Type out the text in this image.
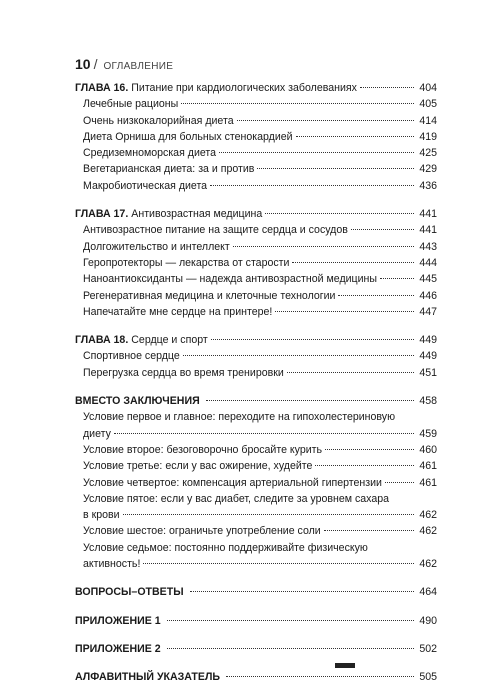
10 / ОГЛАВЛЕНИЕ
ГЛАВА 16. Питание при кардиологических заболеваниях	404
Лечебные рационы	405
Очень низкокалорийная диета	414
Диета Орниша для больных стенокардией	419
Средиземноморская диета	425
Вегетарианская диета: за и против	429
Макробиотическая диета	436
ГЛАВА 17. Антивозрастная медицина	441
Антивозрастное питание на защите сердца и сосудов	441
Долгожительство и интеллект	443
Геропротекторы — лекарства от старости	444
Наноантиоксиданты — надежда антивозрастной медицины	445
Регенеративная медицина и клеточные технологии	446
Напечатайте мне сердце на принтере!	447
ГЛАВА 18. Сердце и спорт	449
Спортивное сердце	449
Перегрузка сердца во время тренировки	451
ВМЕСТО ЗАКЛЮЧЕНИЯ	458
Условие первое и главное: переходите на гипохолестериновую
диету	459
Условие второе: безоговорочно бросайте курить	460
Условие третье: если у вас ожирение, худейте	461
Условие четвертое: компенсация артериальной гипертензии	461
Условие пятое: если у вас диабет, следите за уровнем сахара
в крови	462
Условие шестое: ограничьте употребление соли	462
Условие седьмое: постоянно поддерживайте физическую
активность!	462
ВОПРОСЫ–ОТВЕТЫ	464
ПРИЛОЖЕНИЕ 1	490
ПРИЛОЖЕНИЕ 2	502
АЛФАВИТНЫЙ УКАЗАТЕЛЬ	505
